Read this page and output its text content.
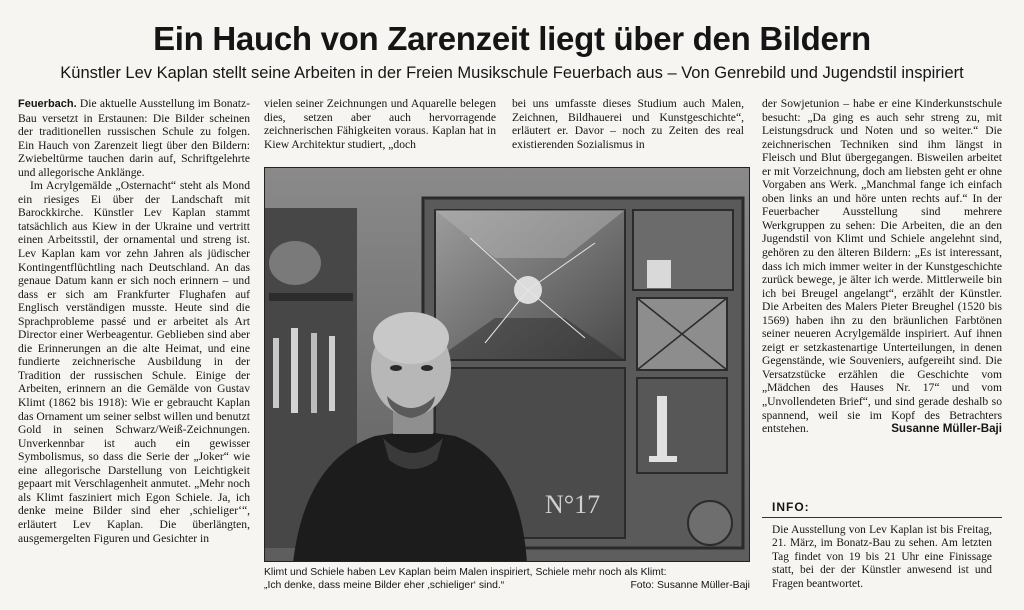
Ein Hauch von Zarenzeit liegt über den Bildern

Künstler Lev Kaplan stellt seine Arbeiten in der Freien Musikschule Feuerbach aus – Von Genrebild und Jugendstil inspiriert

Feuerbach. Die aktuelle Ausstellung im Bonatz-Bau versetzt in Erstaunen: Die Bilder scheinen der traditionellen russischen Schule zu folgen. Ein Hauch von Zarenzeit liegt über den Bildern: Zwiebeltürme tauchen darin auf, Schriftgelehrte und allegorische Anklänge.

Im Acrylgemälde „Osternacht“ steht als Mond ein riesiges Ei über der Landschaft mit Barockkirche. Künstler Lev Kaplan stammt tatsächlich aus Kiew in der Ukraine und vertritt einen Arbeitsstil, der ornamental und streng ist. Lev Kaplan kam vor zehn Jahren als jüdischer Kontingentflüchtling nach Deutschland. An das genaue Datum kann er sich noch erinnern – und dass er sich am Frankfurter Flughafen auf Englisch verständigen musste. Heute sind die Sprachprobleme passé und er arbeitet als Art Director einer Werbeagentur. Geblieben sind aber die Erinnerungen an die alte Heimat, und eine fundierte zeichnerische Ausbildung in der Tradition der russischen Schule. Einige der Arbeiten, erinnern an die Gemälde von Gustav Klimt (1862 bis 1918): Wie er gebraucht Kaplan das Ornament um seiner selbst willen und benutzt Gold in seinen Schwarz/Weiß-Zeichnungen. Unverkennbar ist auch ein gewisser Symbolismus, so dass die Serie der „Joker“ wie eine allegorische Darstellung von Leichtigkeit gepaart mit Verschlagenheit anmutet. „Mehr noch als Klimt fasziniert mich Egon Schiele. Ja, ich denke meine Bilder sind eher ‚schieliger‘“, erläutert Lev Kaplan. Die überlängten, ausgemergelten Figuren und Gesichter in

vielen seiner Zeichnungen und Aquarelle belegen dies, setzen aber auch hervorragende zeichnerischen Fähigkeiten voraus. Kaplan hat in Kiew Architektur studiert, „doch

bei uns umfasste dieses Studium auch Malen, Zeichnen, Bildhauerei und Kunstgeschichte“, erläutert er. Davor – noch zu Zeiten des real existierenden Sozialismus in

der Sowjetunion – habe er eine Kinderkunstschule besucht: „Da ging es auch sehr streng zu, mit Leistungsdruck und Noten und so weiter.“ Die zeichnerischen Techniken sind ihm längst in Fleisch und Blut übergegangen. Bisweilen arbeitet er mit Vorzeichnung, doch am liebsten geht er ohne Vorgaben ans Werk. „Manchmal fange ich einfach oben links an und höre unten rechts auf.“ In der Feuerbacher Ausstellung sind mehrere Werkgruppen zu sehen: Die Arbeiten, die an den Jugendstil von Klimt und Schiele angelehnt sind, gehören zu den älteren Bildern: „Es ist interessant, dass ich mich immer weiter in der Kunstgeschichte zurück bewege, je älter ich werde. Mittlerweile bin ich bei Breugel angelangt“, erzählt der Künstler. Die Arbeiten des Malers Pieter Breughel (1520 bis 1569) haben ihn zu den bräunlichen Farbtönen seiner neueren Acrylgemälde inspiriert. Auf ihnen zeigt er setzkastenartige Unterteilungen, in denen Gegenstände, wie Souveniers, aufgereiht sind. Die Versatzstücke erzählen die Geschichte vom „Mädchen des Hauses Nr. 17“ und vom „Unvollendeten Brief“, und sind gerade deshalb so spannend, weil sie im Kopf des Betrachters entstehen.	Susanne Müller-Baji

N°17
Klimt und Schiele haben Lev Kaplan beim Malen inspiriert, Schiele mehr noch als Klimt:
„Ich denke, dass meine Bilder eher ‚schieliger‘ sind.“	Foto: Susanne Müller-Baji
INFO:
Die Ausstellung von Lev Kaplan ist bis Freitag, 21. März, im Bonatz-Bau zu sehen. Am letzten Tag findet von 19 bis 21 Uhr eine Finissage statt, bei der der Künstler anwesend ist und Fragen beantwortet.
